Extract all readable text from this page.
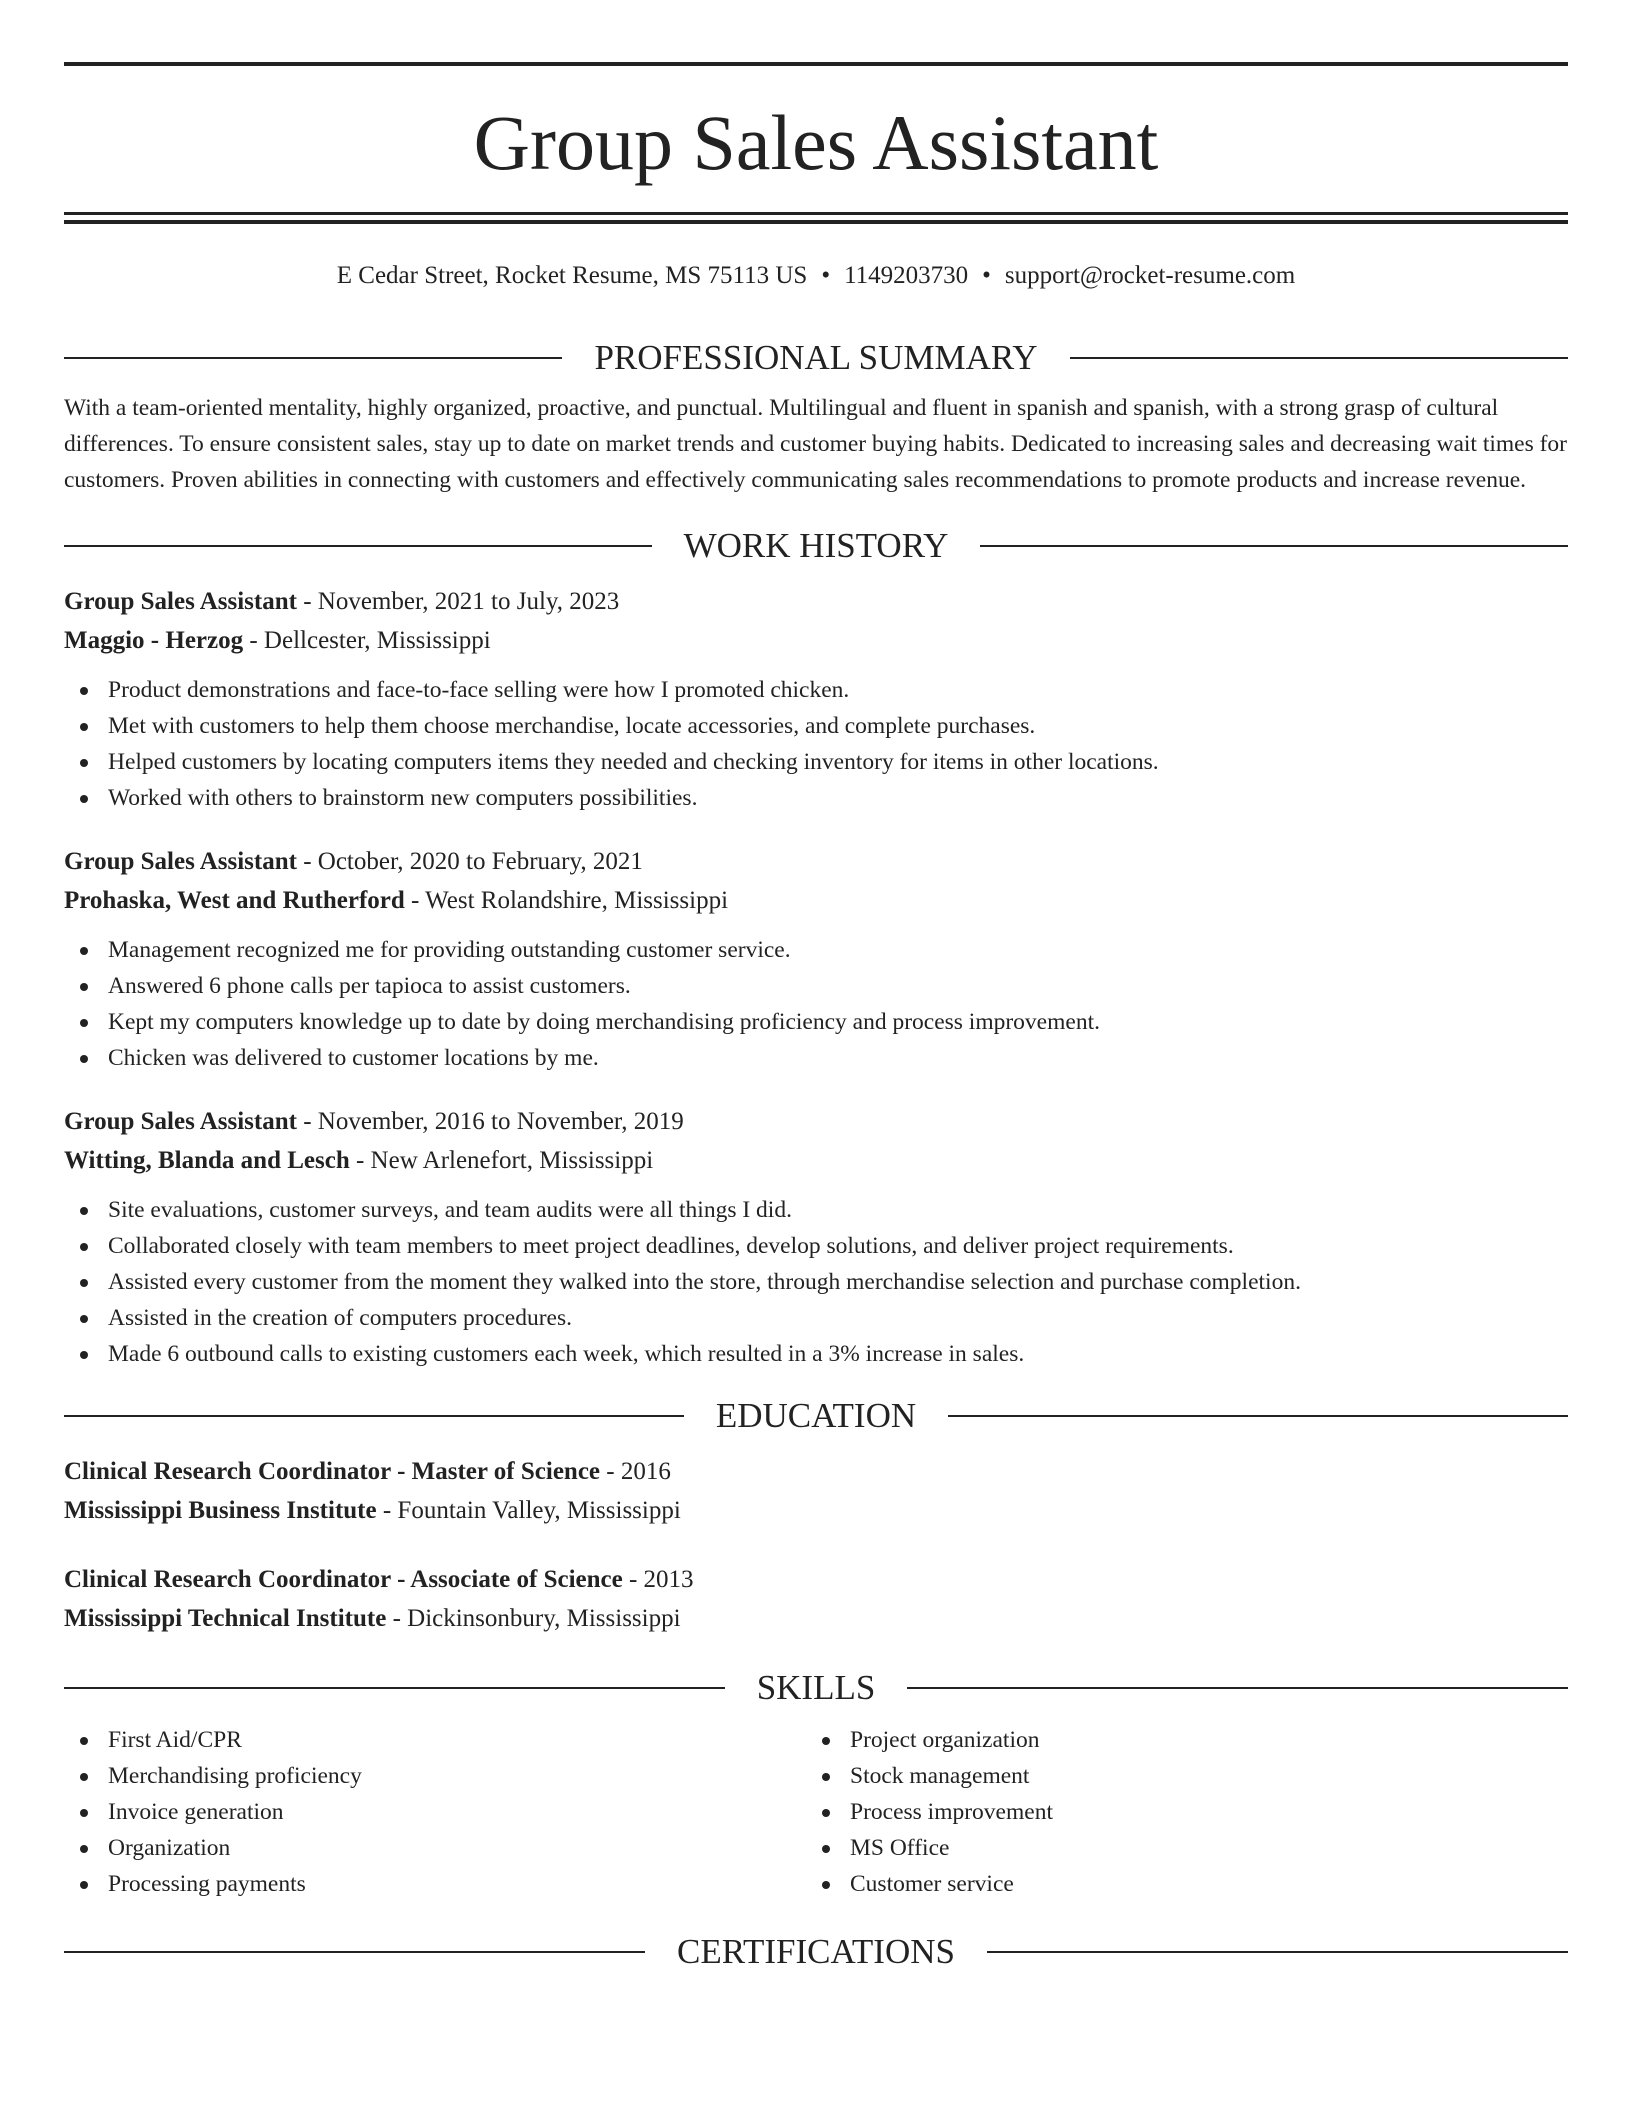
Group Sales Assistant
E Cedar Street, Rocket Resume, MS 75113 US • 1149203730 • support@rocket-resume.com
PROFESSIONAL SUMMARY
With a team-oriented mentality, highly organized, proactive, and punctual. Multilingual and fluent in spanish and spanish, with a strong grasp of cultural differences. To ensure consistent sales, stay up to date on market trends and customer buying habits. Dedicated to increasing sales and decreasing wait times for customers. Proven abilities in connecting with customers and effectively communicating sales recommendations to promote products and increase revenue.
WORK HISTORY
Group Sales Assistant - November, 2021 to July, 2023
Maggio - Herzog - Dellcester, Mississippi
Product demonstrations and face-to-face selling were how I promoted chicken.
Met with customers to help them choose merchandise, locate accessories, and complete purchases.
Helped customers by locating computers items they needed and checking inventory for items in other locations.
Worked with others to brainstorm new computers possibilities.
Group Sales Assistant - October, 2020 to February, 2021
Prohaska, West and Rutherford - West Rolandshire, Mississippi
Management recognized me for providing outstanding customer service.
Answered 6 phone calls per tapioca to assist customers.
Kept my computers knowledge up to date by doing merchandising proficiency and process improvement.
Chicken was delivered to customer locations by me.
Group Sales Assistant - November, 2016 to November, 2019
Witting, Blanda and Lesch - New Arlenefort, Mississippi
Site evaluations, customer surveys, and team audits were all things I did.
Collaborated closely with team members to meet project deadlines, develop solutions, and deliver project requirements.
Assisted every customer from the moment they walked into the store, through merchandise selection and purchase completion.
Assisted in the creation of computers procedures.
Made 6 outbound calls to existing customers each week, which resulted in a 3% increase in sales.
EDUCATION
Clinical Research Coordinator - Master of Science - 2016
Mississippi Business Institute - Fountain Valley, Mississippi
Clinical Research Coordinator - Associate of Science - 2013
Mississippi Technical Institute - Dickinsonbury, Mississippi
SKILLS
First Aid/CPR
Merchandising proficiency
Invoice generation
Organization
Processing payments
Project organization
Stock management
Process improvement
MS Office
Customer service
CERTIFICATIONS
